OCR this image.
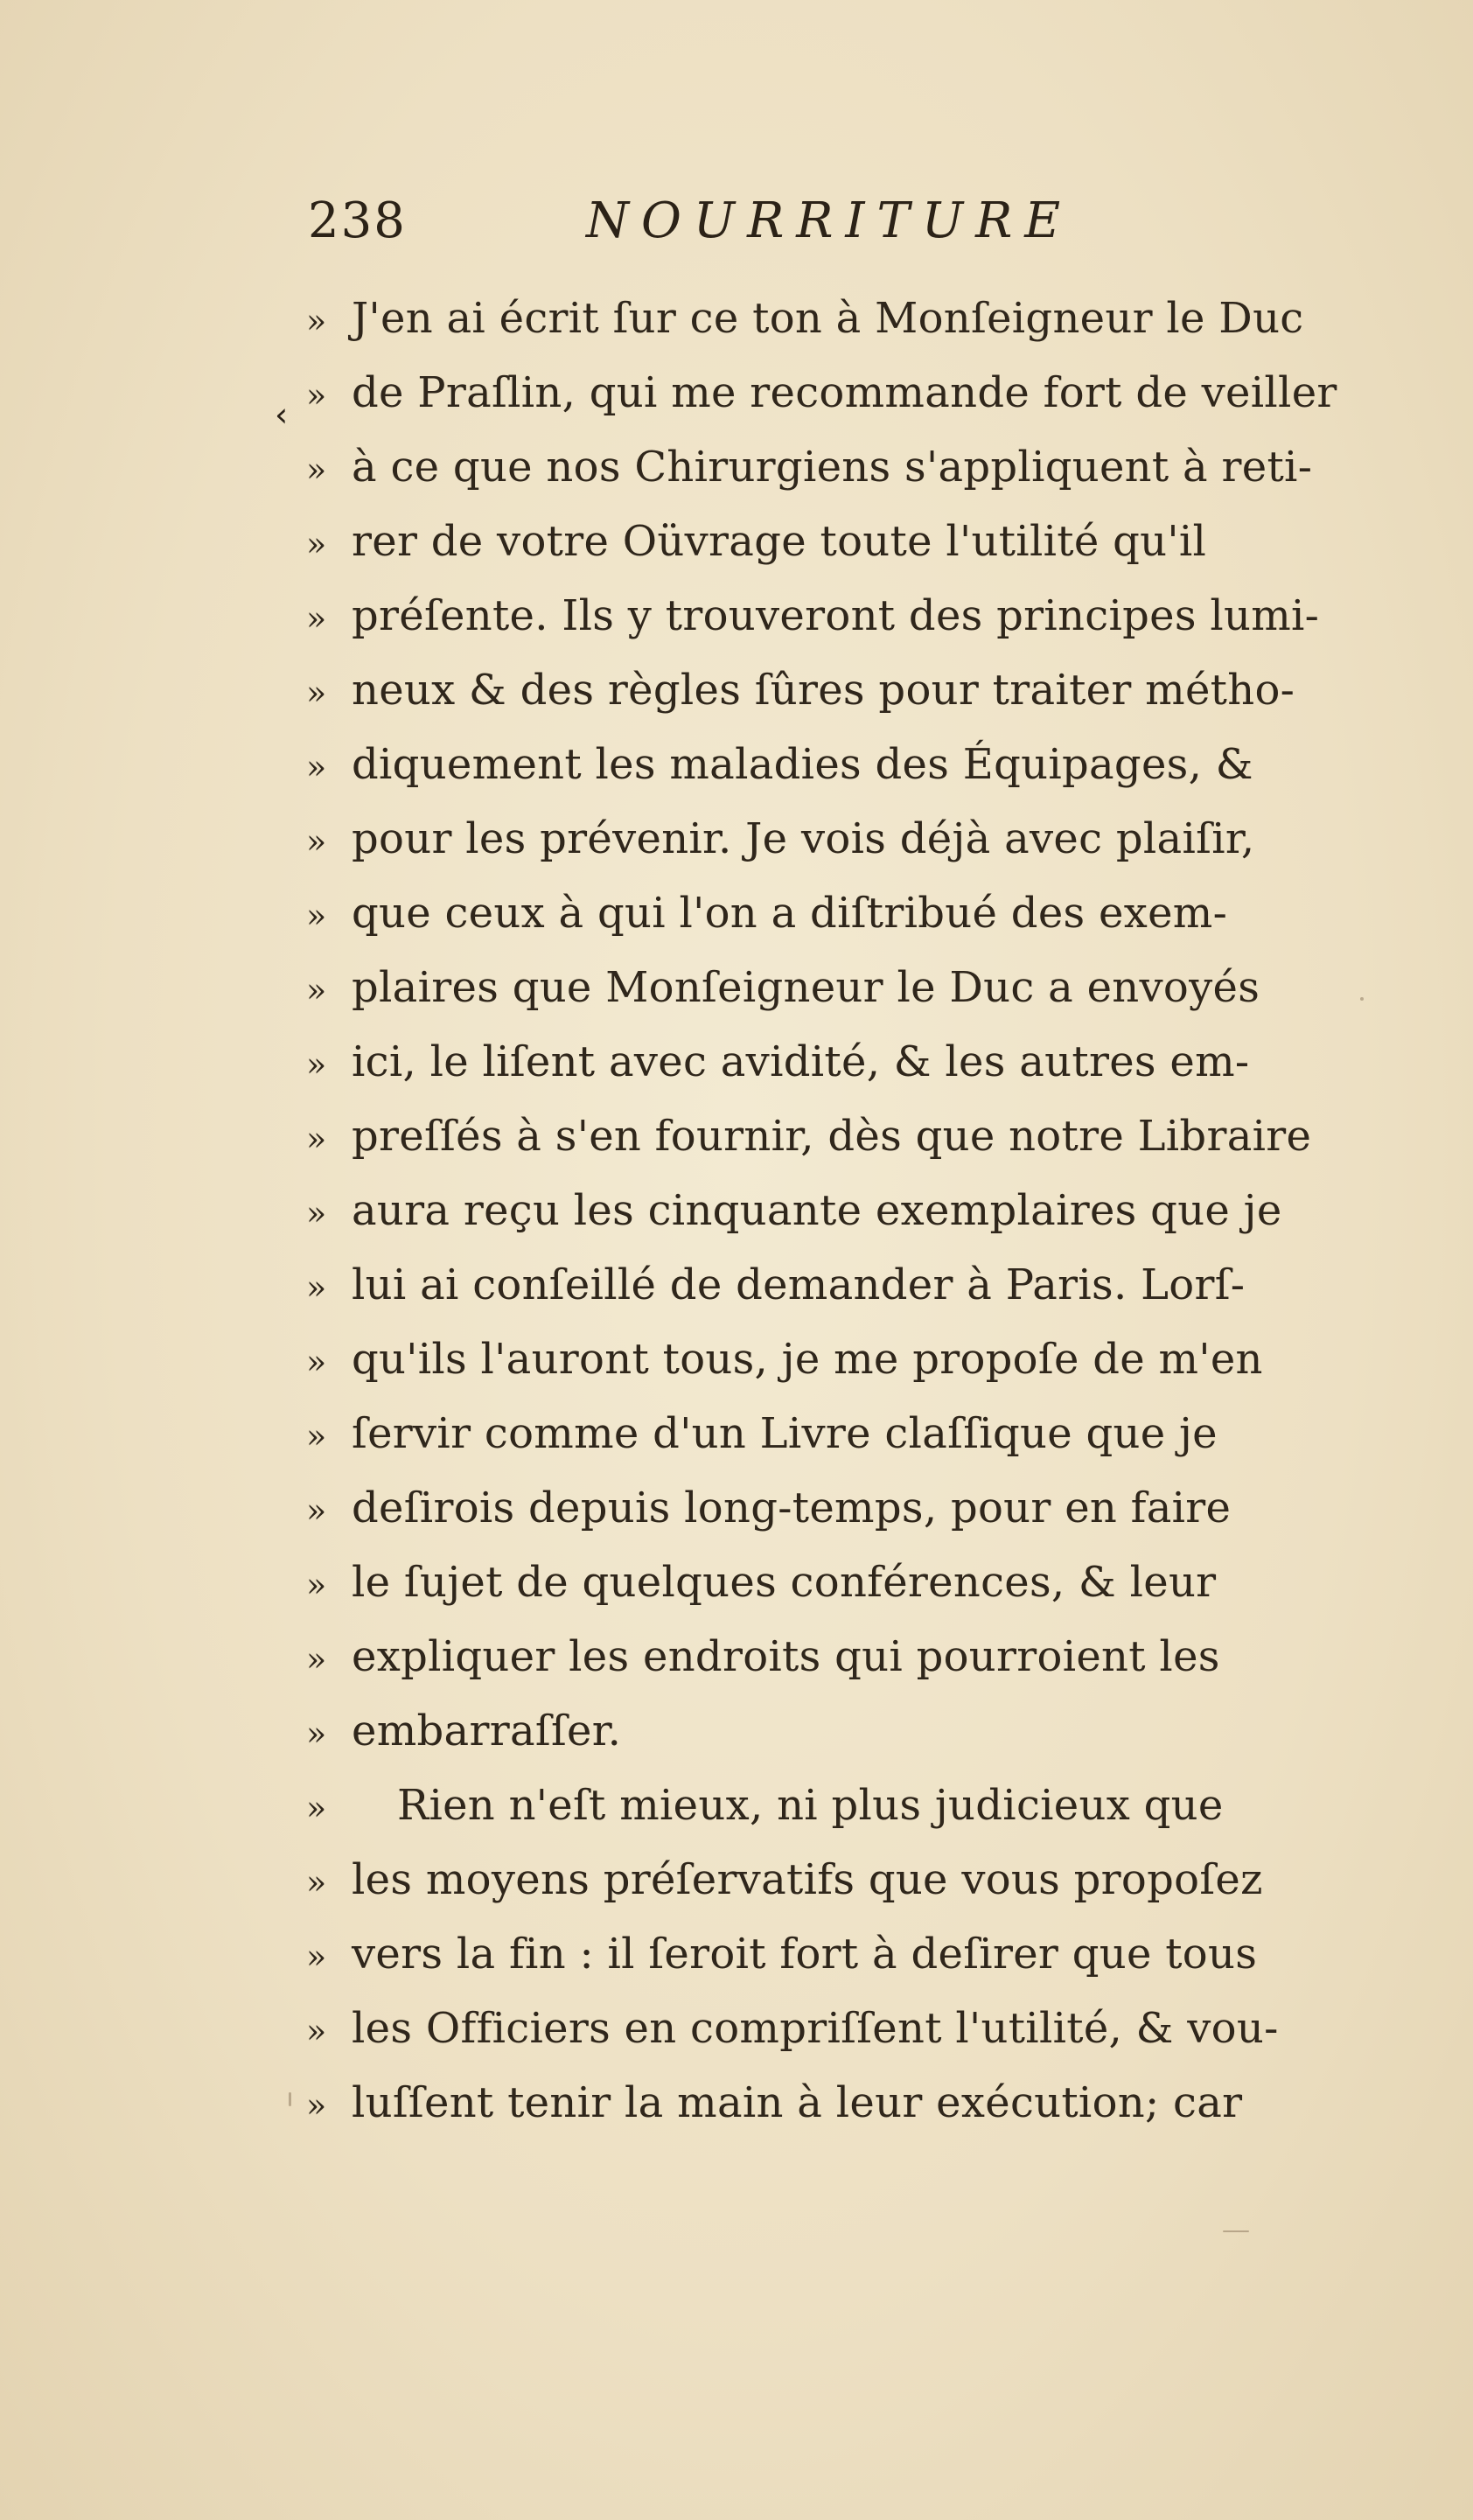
238	NOURRITURE
‹
» J'en ai écrit ſur ce ton à Monſeigneur le Duc
» de Praſlin, qui me recommande fort de veiller
» à ce que nos Chirurgiens s'appliquent à reti-
» rer de votre Oüvrage toute l'utilité qu'il
» préſente. Ils y trouveront des principes lumi-
» neux & des règles ſûres pour traiter métho-
» diquement les maladies des Équipages, &
» pour les prévenir. Je vois déjà avec plaiſir,
» que ceux à qui l'on a diſtribué des exem-
» plaires que Monſeigneur le Duc a envoyés
» ici, le liſent avec avidité, & les autres em-
» preſſés à s'en fournir, dès que notre Libraire
» aura reçu les cinquante exemplaires que je
» lui ai conſeillé de demander à Paris. Lorſ-
» qu'ils l'auront tous, je me propoſe de m'en
» ſervir comme d'un Livre claſſique que je
» deſirois depuis long-temps, pour en faire
» le ſujet de quelques conférences, & leur
» expliquer les endroits qui pourroient les
» embarraſſer.
» Rien n'eſt mieux, ni plus judicieux que
» les moyens préſervatifs que vous propoſez
» vers la fin : il ſeroit fort à deſirer que tous
» les Officiers en compriſſent l'utilité, & vou-
» luſſent tenir la main à leur exécution; car
